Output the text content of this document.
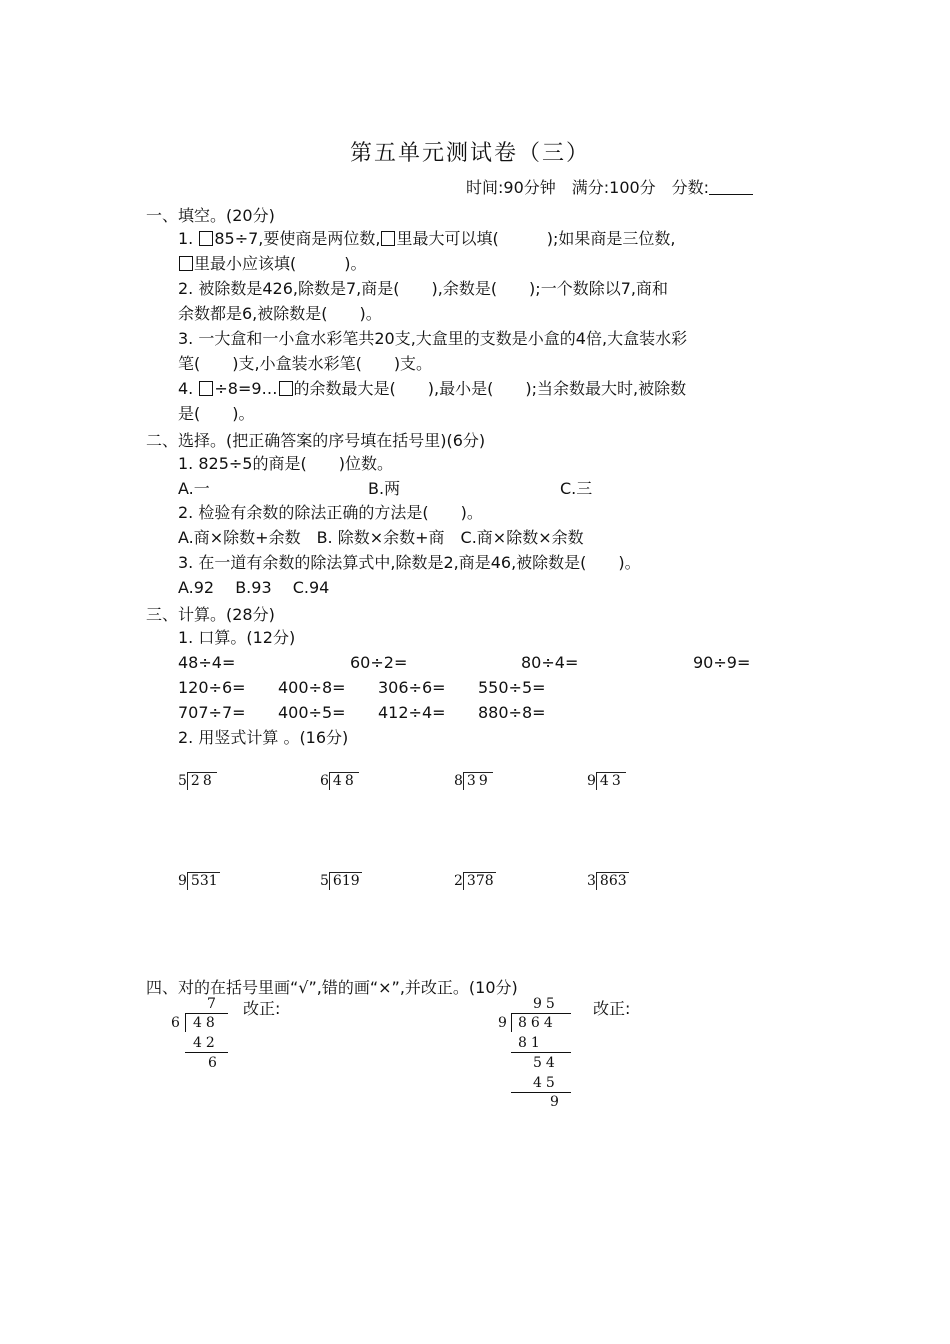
第五单元测试卷（三）
时间:90分钟　满分:100分　分数:
一、填空。(20分)
1. 85÷7,要使商是两位数, 里最大可以填(　　　);如果商是三位数,
里最小应该填(　　　)。
2. 被除数是426,除数是7,商是(　　),余数是(　　);一个数除以7,商和
余数都是6,被除数是(　　)。
3. 一大盒和一小盒水彩笔共20支,大盒里的支数是小盒的4倍,大盒装水彩
笔(　　)支,小盒装水彩笔(　　)支。
4. ÷8=9… 的余数最大是(　　),最小是(　　);当余数最大时,被除数
是(　　)。
二、选择。(把正确答案的序号填在括号里)(6分)
1. 825÷5的商是(　　)位数。
A.一	B.两	C.三
2. 检验有余数的除法正确的方法是(　　)。
A.商×除数+余数　B. 除数×余数+商　C.商×除数×余数
3. 在一道有余数的除法算式中,除数是2,商是46,被除数是(　　)。
A.92　 B.93　 C.94
三、计算。(28分)
1. 口算。(12分)
48÷4=	60÷2=	80÷4=	90÷9=
120÷6= 400÷8= 306÷6= 550÷5=
707÷7= 400÷5= 412÷4= 880÷8=
2. 用竖式计算 。(16分)
5 28	6 48	8 39	9 43
9 531	5 619	2 378	3 863
四、对的在括号里画“√”,错的画“×”,并改正。(10分)
7
6 48
42
6
改正:	95
9 864
81
54
45
9
改正:
